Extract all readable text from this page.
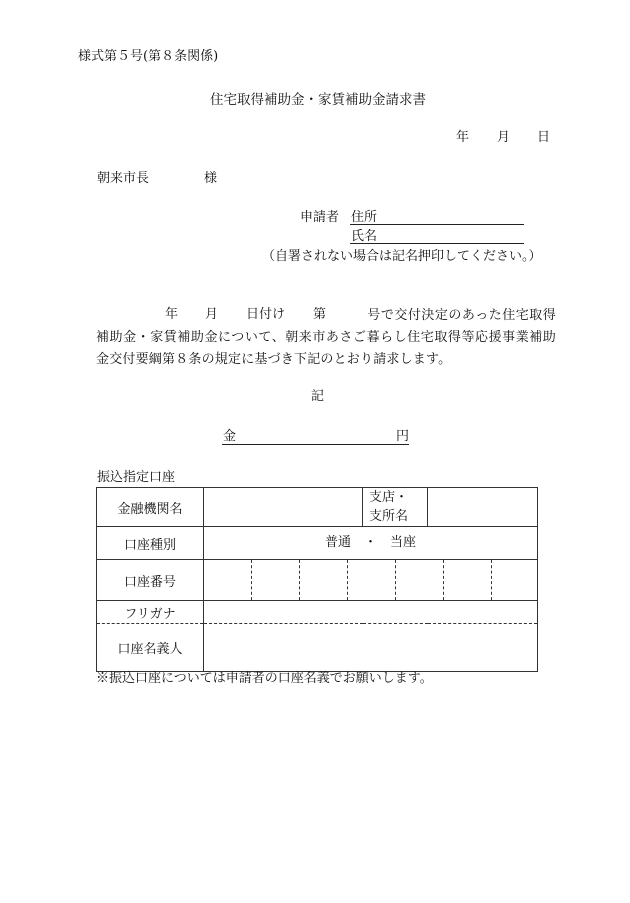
様式第５号(第８条関係)
住宅取得補助金・家賃補助金請求書
年 月 日
朝来市長	様
申請者 住所
氏名
（自署されない場合は記名押印してください。）
年 月 日付け 第	号で交付決定のあった住宅取得補助金・家賃補助金について、朝来市あさご暮らし住宅取得等応援事業補助金交付要綱第８条の規定に基づき下記のとおり請求します。
記
金	円
振込指定口座
金融機関名		支店・
支所名	
口座種別	普通　・　当座		
口座番号			

フリガナ			
口座名義人			
※振込口座については申請者の口座名義でお願いします。
